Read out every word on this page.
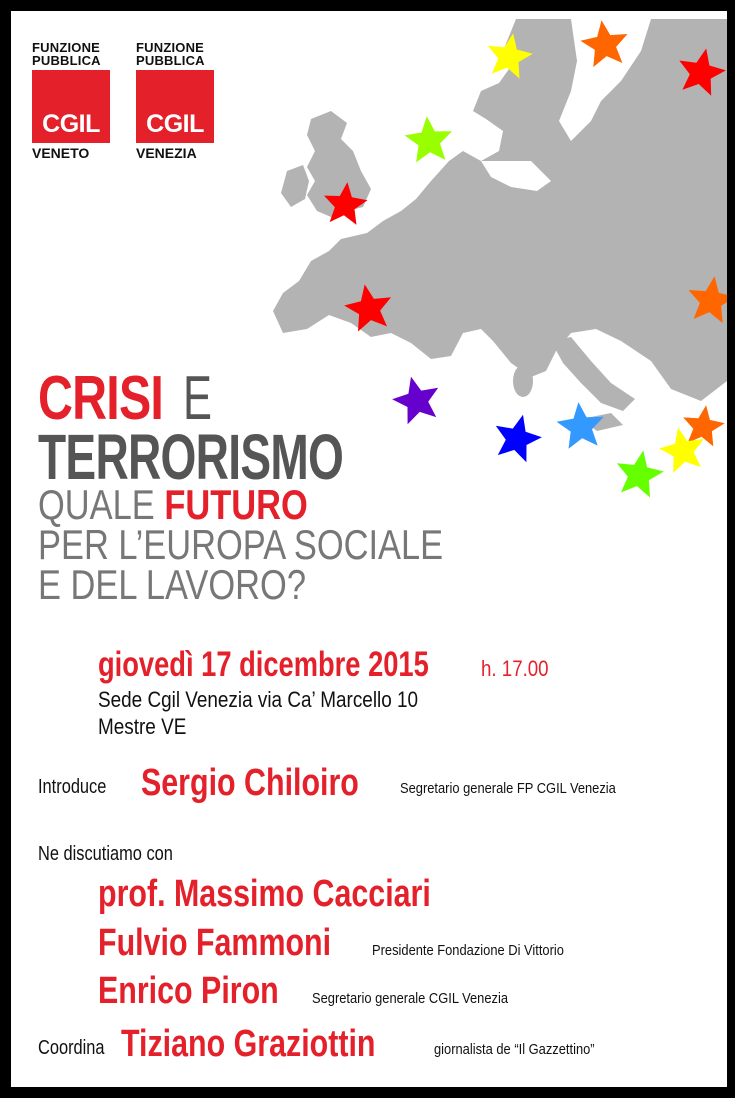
FUNZIONE
PUBBLICA
CGIL
VENETO
FUNZIONE
PUBBLICA
CGIL
VENEZIA
CRISI E
TERRORISMO
QUALE FUTURO
PER L’EUROPA SOCIALE
E DEL LAVORO?
giovedì 17 dicembre 2015 h. 17.00
Sede Cgil Venezia via Ca’ Marcello 10
Mestre VE
Introduce Sergio Chiloiro	Segretario generale FP CGIL Venezia
Ne discutiamo con
prof. Massimo Cacciari
Fulvio Fammoni	Presidente Fondazione Di Vittorio
Enrico Piron Segretario generale CGIL Venezia
Coordina Tiziano Graziottin	giornalista de “Il Gazzettino”
